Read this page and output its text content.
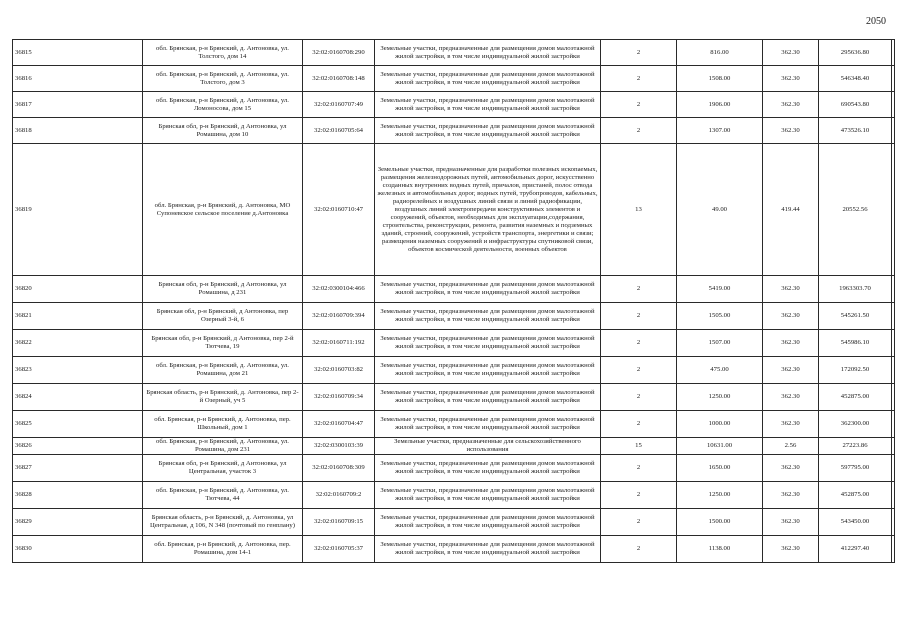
2050
36815	обл. Брянская, р-н Брянский, д. Антоновка, ул. Толстого, дом 14	32:02:0160708:290	Земельные участки, предназначенные для размещения домов малоэтажной жилой застройки, в том числе индивидуальной жилой застройки	2	816.00	362.30	295636.80	
36816	обл. Брянская, р-н Брянский, д. Антоновка, ул. Толстого, дом 3	32:02:0160708:148	Земельные участки, предназначенные для размещения домов малоэтажной жилой застройки, в том числе индивидуальной жилой застройки	2	1508.00	362.30	546348.40	
36817	обл. Брянская, р-н Брянский, д. Антоновка, ул. Ломоносова, дом 15	32:02:0160707:49	Земельные участки, предназначенные для размещения домов малоэтажной жилой застройки, в том числе индивидуальной жилой застройки	2	1906.00	362.30	690543.80	
36818	Брянская обл, р-н Брянский, д Антоновка, ул Ромашина, дом 10	32:02:0160705:64	Земельные участки, предназначенные для размещения домов малоэтажной жилой застройки, в том числе индивидуальной жилой застройки	2	1307.00	362.30	473526.10	
36819	обл. Брянская, р-н Брянский, д. Антоновка, МО Супоневское сельское поселение д.Антоновка	32:02:0160710:47	Земельные участки, предназначенные для разработки полезных ископаемых, размещения железнодорожных путей, автомобильных дорог, искусственно созданных внутренних водных путей, причалов, пристаней, полос отвода железных и автомобильных дорог, водных путей, трубопроводов, кабельных, радиорелейных и воздушных линий связи и линий радиофикации, воздушных линий электропередачи конструктивных элементов и сооружений, объектов, необходимых для эксплуатации,содержания, строительства, реконструкции, ремонта, развития наземных и подземных зданий, строений, сооружений, устройств транспорта, энергетики и связи; размещения наземных сооружений и инфраструктуры спутниковой связи, объектов космической деятельности, военных объектов	13	49.00	419.44	20552.56	
36820	Брянская обл, р-н Брянский, д Антоновка, ул Ромашина, д 231	32:02:0300104:466	Земельные участки, предназначенные для размещения домов малоэтажной жилой застройки, в том числе индивидуальной жилой застройки	2	5419.00	362.30	1963303.70	
36821	Брянская обл, р-н Брянский, д Антоновка, пер Озерный 3-й, 6	32:02:0160709:394	Земельные участки, предназначенные для размещения домов малоэтажной жилой застройки, в том числе индивидуальной жилой застройки	2	1505.00	362.30	545261.50	
36822	Брянская обл, р-н Брянский, д Антоновка, пер 2-й Тютчева, 19	32:02:0160711:192	Земельные участки, предназначенные для размещения домов малоэтажной жилой застройки, в том числе индивидуальной жилой застройки	2	1507.00	362.30	545986.10	
36823	обл. Брянская, р-н Брянский, д. Антоновка, ул. Ромашина, дом 21	32:02:0160703:82	Земельные участки, предназначенные для размещения домов малоэтажной жилой застройки, в том числе индивидуальной жилой застройки	2	475.00	362.30	172092.50	
36824	Брянская область, р-н Брянский, д. Антоновка, пер 2-й Озерный, уч 5	32:02:0160709:34	Земельные участки, предназначенные для размещения домов малоэтажной жилой застройки, в том числе индивидуальной жилой застройки	2	1250.00	362.30	452875.00	
36825	обл. Брянская, р-н Брянский, д. Антоновка, пер. Школьный, дом 1	32:02:0160704:47	Земельные участки, предназначенные для размещения домов малоэтажной жилой застройки, в том числе индивидуальной жилой застройки	2	1000.00	362.30	362300.00	
36826	обл. Брянская, р-н Брянский, д. Антоновка, ул. Ромашина, дом 231	32:02:0300103:39	Земельные участки, предназначенные для сельскохозяйственного использования	15	10631.00	2.56	27223.86	
36827	Брянская обл, р-н Брянский, д Антоновка, ул Центральная, участок 3	32:02:0160708:309	Земельные участки, предназначенные для размещения домов малоэтажной жилой застройки, в том числе индивидуальной жилой застройки	2	1650.00	362.30	597795.00	
36828	обл. Брянская, р-н Брянский, д. Антоновка, ул. Тютчева, 44	32:02:0160709:2	Земельные участки, предназначенные для размещения домов малоэтажной жилой застройки, в том числе индивидуальной жилой застройки	2	1250.00	362.30	452875.00	
36829	Брянская область, р-н Брянский, д. Антоновка, ул Центральная, д 106, N 348 (почтовый по генплану)	32:02:0160709:15	Земельные участки, предназначенные для размещения домов малоэтажной жилой застройки, в том числе индивидуальной жилой застройки	2	1500.00	362.30	543450.00	
36830	обл. Брянская, р-н Брянский, д. Антоновка, пер. Ромашина, дом 14-1	32:02:0160705:37	Земельные участки, предназначенные для размещения домов малоэтажной жилой застройки, в том числе индивидуальной жилой застройки	2	1138.00	362.30	412297.40	
